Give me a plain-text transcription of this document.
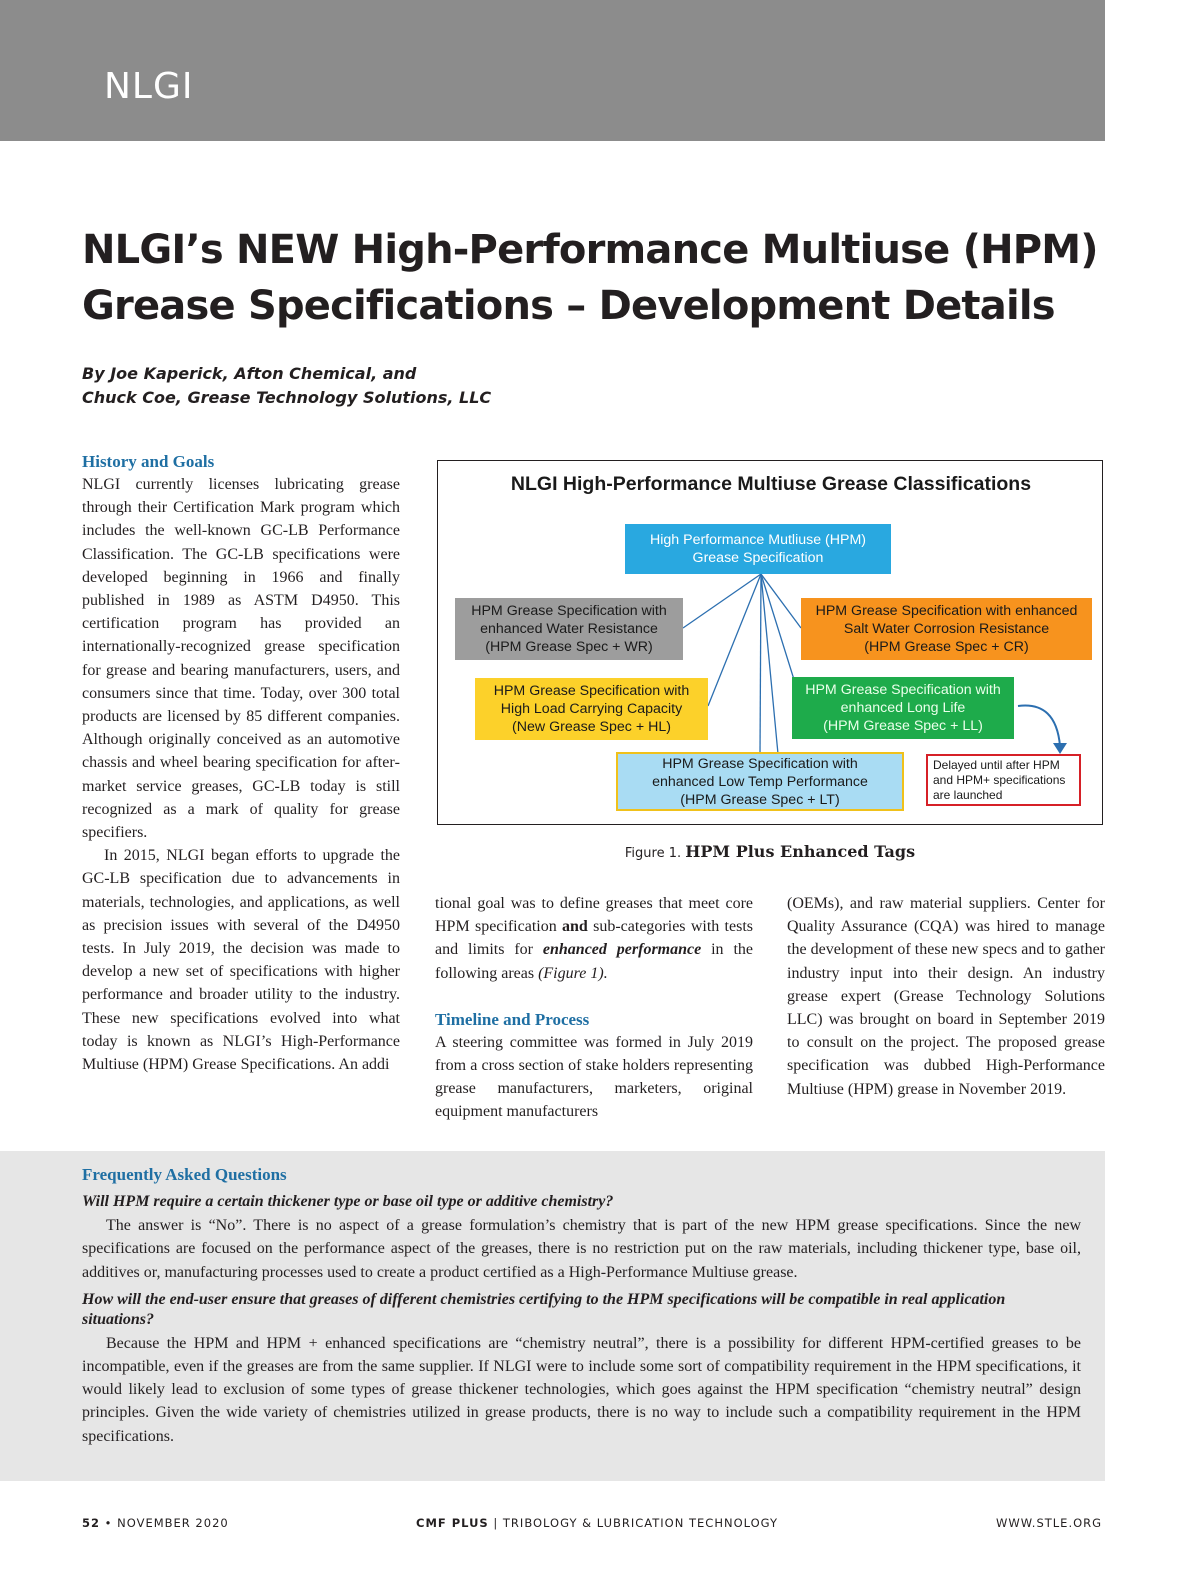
NLGI
NLGI’s NEW High-Performance Multiuse (HPM)
Grease Specifications – Development Details
By Joe Kaperick, Afton Chemical, and
Chuck Coe, Grease Technology Solutions, LLC
History and Goals

NLGI currently licenses lubricating grease through their Certification Mark program which includes the well-known GC-LB Performance Classification. The GC-LB specifications were developed beginning in 1966 and finally published in 1989 as ASTM D4950. This certification program has provided an internationally-recognized grease specification for grease and bearing manufacturers, users, and consumers since that time. Today, over 300 total products are licensed by 85 different companies. Although originally conceived as an automotive chassis and wheel bearing specification for aftermarket service greases, GC-LB today is still recognized as a mark of quality for grease specifiers.

In 2015, NLGI began efforts to upgrade the GC-LB specification due to advancements in materials, technologies, and applications, as well as precision issues with several of the D4950 tests. In July 2019, the decision was made to develop a new set of specifications with higher performance and broader utility to the industry. These new specifications evolved into what today is known as NLGI’s High-Performance Multiuse (HPM) Grease Specifications. An addi

NLGI High-Performance Multiuse Grease Classifications
High Performance Mutliuse (HPM)
Grease Specification
HPM Grease Specification with
enhanced Water Resistance
(HPM Grease Spec + WR)
HPM Grease Specification with enhanced
Salt Water Corrosion Resistance
(HPM Grease Spec + CR)
HPM Grease Specification with
High Load Carrying Capacity
(New Grease Spec + HL)
HPM Grease Specification with
enhanced Long Life
(HPM Grease Spec + LL)
HPM Grease Specification with
enhanced Low Temp Performance
(HPM Grease Spec + LT)
Delayed until after HPM
and HPM+ specifications
are launched
Figure 1. HPM Plus Enhanced Tags

tional goal was to define greases that meet core HPM specification and sub-categories with tests and limits for enhanced performance in the following areas (Figure 1).

Timeline and Process

A steering committee was formed in July 2019 from a cross section of stake holders representing grease manufacturers, marketers, original equipment manufacturers

(OEMs), and raw material suppliers. Center for Quality Assurance (CQA) was hired to manage the development of these new specs and to gather industry input into their design. An industry grease expert (Grease Technology Solutions LLC) was brought on board in September 2019 to consult on the project. The proposed grease specification was dubbed High-Performance Multiuse (HPM) grease in November 2019.

Frequently Asked Questions

Will HPM require a certain thickener type or base oil type or additive chemistry?

The answer is “No”. There is no aspect of a grease formulation’s chemistry that is part of the new HPM grease specifications. Since the new specifications are focused on the performance aspect of the greases, there is no restriction put on the raw materials, including thickener type, base oil, additives or, manufacturing processes used to create a product certified as a High-Performance Multiuse grease.

How will the end-user ensure that greases of different chemistries certifying to the HPM specifications will be compatible in real application situations?

Because the HPM and HPM + enhanced specifications are “chemistry neutral”, there is a possibility for different HPM-certified greases to be incompatible, even if the greases are from the same supplier. If NLGI were to include some sort of compatibility requirement in the HPM specifications, it would likely lead to exclusion of some types of grease thickener technologies, which goes against the HPM specification “chemistry neutral” design principles. Given the wide variety of chemistries utilized in grease products, there is no way to include such a compatibility requirement in the HPM specifications.

52 • NOVEMBER 2020	CMF PLUS | TRIBOLOGY & LUBRICATION TECHNOLOGY	WWW.STLE.ORG
